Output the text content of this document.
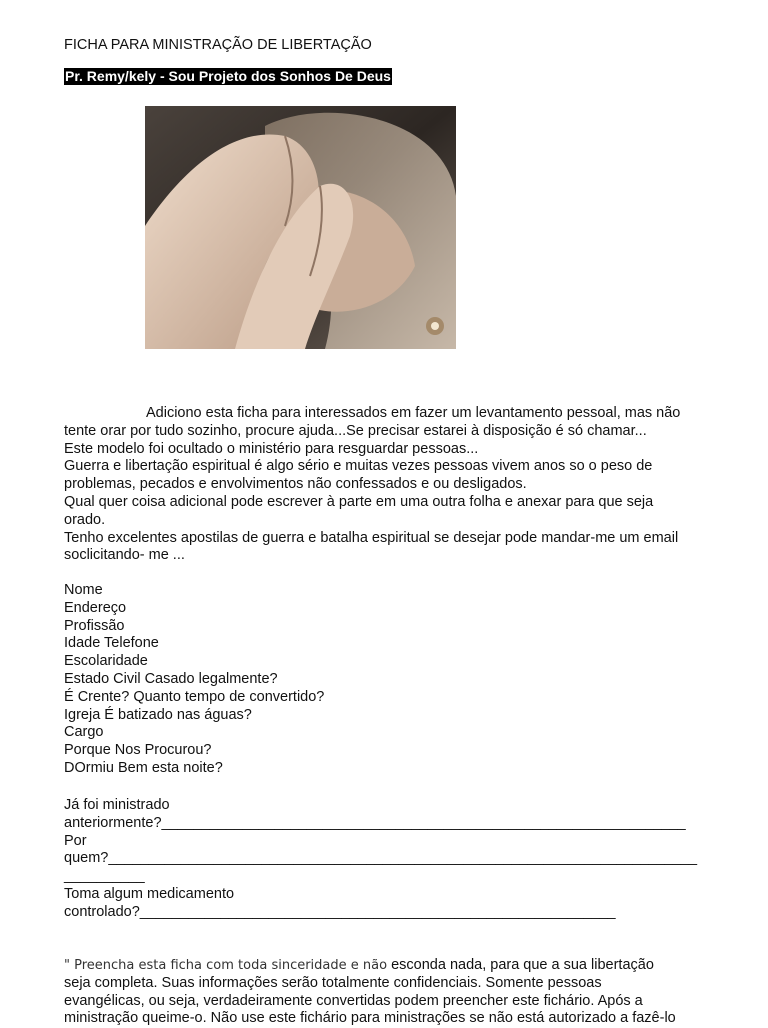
FICHA PARA MINISTRAÇÃO DE LIBERTAÇÃO
Pr. Remy/kely - Sou Projeto dos Sonhos De Deus
Adiciono esta ficha para interessados em fazer um levantamento pessoal, mas não
tente orar por tudo sozinho, procure ajuda...Se precisar estarei à disposição é só chamar...
Este modelo foi ocultado o ministério para resguardar pessoas...
Guerra e libertação espiritual é algo sério e muitas vezes pessoas vivem anos so o peso de
problemas, pecados e envolvimentos não confessados e ou desligados.
Qual quer coisa adicional pode escrever à parte em uma outra folha e anexar para que seja
orado.
Tenho excelentes apostilas de guerra e batalha espiritual se desejar pode mandar-me um email
soclicitando- me ...
Nome
Endereço
Profissão
Idade Telefone
Escolaridade
Estado Civil Casado legalmente?
É Crente? Quanto tempo de convertido?
Igreja É batizado nas águas?
Cargo
Porque Nos Procurou?
DOrmiu Bem esta noite?
Já foi ministrado
anteriormente?_________________________________________________________________
Por
quem?_________________________________________________________________________
__________
Toma algum medicamento
controlado?___________________________________________________________
" Preencha esta ficha com toda sinceridade e não esconda nada, para que a sua libertação
seja completa. Suas informações serão totalmente confidenciais. Somente pessoas
evangélicas, ou seja, verdadeiramente convertidas podem preencher este fichário. Após a
ministração queime-o. Não use este fichário para ministrações se não está autorizado a fazê-lo
